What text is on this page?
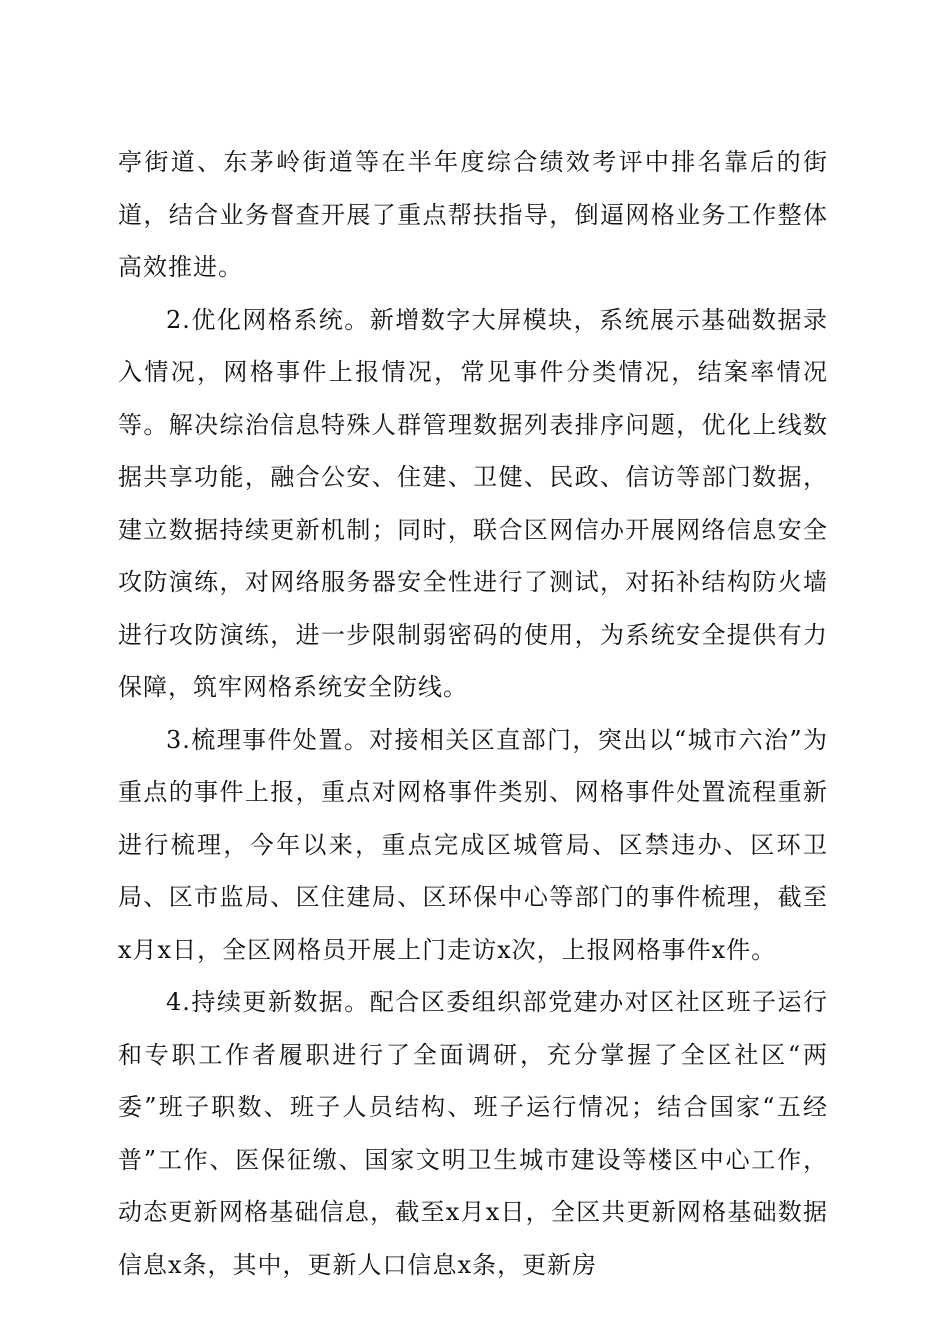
亭街道、东茅岭街道等在半年度综合绩效考评中排名靠后的街道，结合业务督查开展了重点帮扶指导，倒逼网格业务工作整体高效推进。

2.优化网格系统。新增数字大屏模块，系统展示基础数据录入情况，网格事件上报情况，常见事件分类情况，结案率情况等。解决综治信息特殊人群管理数据列表排序问题，优化上线数据共享功能，融合公安、住建、卫健、民政、信访等部门数据，建立数据持续更新机制；同时，联合区网信办开展网络信息安全攻防演练，对网络服务器安全性进行了测试，对拓补结构防火墙进行攻防演练，进一步限制弱密码的使用，为系统安全提供有力保障，筑牢网格系统安全防线。

3.梳理事件处置。对接相关区直部门，突出以“城市六治”为重点的事件上报，重点对网格事件类别、网格事件处置流程重新进行梳理，今年以来，重点完成区城管局、区禁违办、区环卫局、区市监局、区住建局、区环保中心等部门的事件梳理，截至x月x日，全区网格员开展上门走访x次，上报网格事件x件。

4.持续更新数据。配合区委组织部党建办对区社区班子运行和专职工作者履职进行了全面调研，充分掌握了全区社区“两委”班子职数、班子人员结构、班子运行情况；结合国家“五经普”工作、医保征缴、国家文明卫生城市建设等楼区中心工作，动态更新网格基础信息，截至x月x日，全区共更新网格基础数据信息x条，其中，更新人口信息x条，更新房
